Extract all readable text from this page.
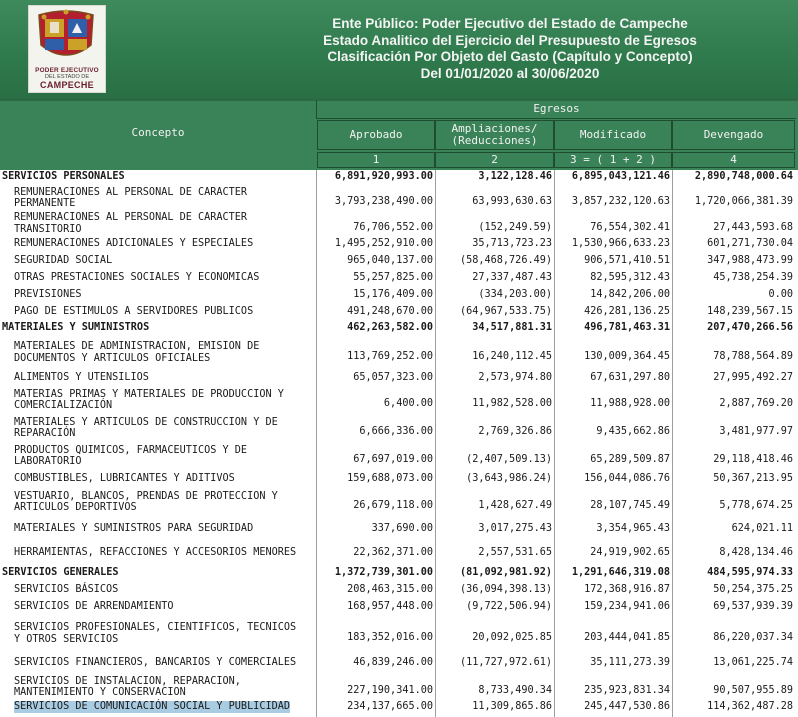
PODER EJECUTIVO
DEL ESTADO DE
CAMPECHE
Ente Público: Poder Ejecutivo del Estado de Campeche
Estado Analitico del Ejercicio del Presupuesto de Egresos
Clasificación Por Objeto del Gasto (Capítulo y Concepto)
Del 01/01/2020 al 30/06/2020
Concepto
Egresos
Aprobado	Ampliaciones/
(Reducciones)	Modificado	Devengado
1	2	3 = ( 1 + 2 )	4
SERVICIOS PERSONALES	6,891,920,993.00	3,122,128.46 6,895,043,121.46 2,890,748,000.64
REMUNERACIONES AL PERSONAL DE CARACTER
PERMANENTE	3,793,238,490.00	63,993,630.63 3,857,232,120.63 1,720,066,381.39
REMUNERACIONES AL PERSONAL DE CARACTER
TRANSITORIO	76,706,552.00	(152,249.59)	76,554,302.41	27,443,593.68
REMUNERACIONES ADICIONALES Y ESPECIALES	1,495,252,910.00	35,713,723.23 1,530,966,633.23	601,271,730.04
SEGURIDAD SOCIAL	965,040,137.00	(58,468,726.49)	906,571,410.51	347,988,473.99
OTRAS PRESTACIONES SOCIALES Y ECONOMICAS	55,257,825.00	27,337,487.43	82,595,312.43	45,738,254.39
PREVISIONES	15,176,409.00	(334,203.00)	14,842,206.00	0.00
PAGO DE ESTIMULOS A SERVIDORES PUBLICOS	491,248,670.00	(64,967,533.75)	426,281,136.25	148,239,567.15
MATERIALES Y SUMINISTROS	462,263,582.00	34,517,881.31	496,781,463.31	207,470,266.56
MATERIALES DE ADMINISTRACION, EMISION DE
DOCUMENTOS Y ARTICULOS OFICIALES	113,769,252.00	16,240,112.45	130,009,364.45	78,788,564.89
ALIMENTOS Y UTENSILIOS	65,057,323.00	2,573,974.80	67,631,297.80	27,995,492.27
MATERIAS PRIMAS Y MATERIALES DE PRODUCCION Y
COMERCIALIZACIÓN	6,400.00	11,982,528.00	11,988,928.00	2,887,769.20
MATERIALES Y ARTICULOS DE CONSTRUCCION Y DE
REPARACIÓN	6,666,336.00	2,769,326.86	9,435,662.86	3,481,977.97
PRODUCTOS QUIMICOS, FARMACEUTICOS Y DE
LABORATORIO	67,697,019.00	(2,407,509.13)	65,289,509.87	29,118,418.46
COMBUSTIBLES, LUBRICANTES Y ADITIVOS	159,688,073.00	(3,643,986.24)	156,044,086.76	50,367,213.95
VESTUARIO, BLANCOS, PRENDAS DE PROTECCION Y
ARTICULOS DEPORTIVOS	26,679,118.00	1,428,627.49	28,107,745.49	5,778,674.25
MATERIALES Y SUMINISTROS PARA SEGURIDAD	337,690.00	3,017,275.43	3,354,965.43	624,021.11
HERRAMIENTAS, REFACCIONES Y ACCESORIOS MENORES	22,362,371.00	2,557,531.65	24,919,902.65	8,428,134.46
SERVICIOS GENERALES	1,372,739,301.00	(81,092,981.92) 1,291,646,319.08	484,595,974.33
SERVICIOS BÁSICOS	208,463,315.00	(36,094,398.13)	172,368,916.87	50,254,375.25
SERVICIOS DE ARRENDAMIENTO	168,957,448.00	(9,722,506.94)	159,234,941.06	69,537,939.39
SERVICIOS PROFESIONALES, CIENTIFICOS, TECNICOS
Y OTROS SERVICIOS	183,352,016.00	20,092,025.85	203,444,041.85	86,220,037.34
SERVICIOS FINANCIEROS, BANCARIOS Y COMERCIALES	46,839,246.00	(11,727,972.61)	35,111,273.39	13,061,225.74
SERVICIOS DE INSTALACION, REPARACION,
MANTENIMIENTO Y CONSERVACION	227,190,341.00	8,733,490.34	235,923,831.34	90,507,955.89
SERVICIOS DE COMUNICACIÓN SOCIAL Y PUBLICIDAD	234,137,665.00	11,309,865.86	245,447,530.86	114,362,487.28
